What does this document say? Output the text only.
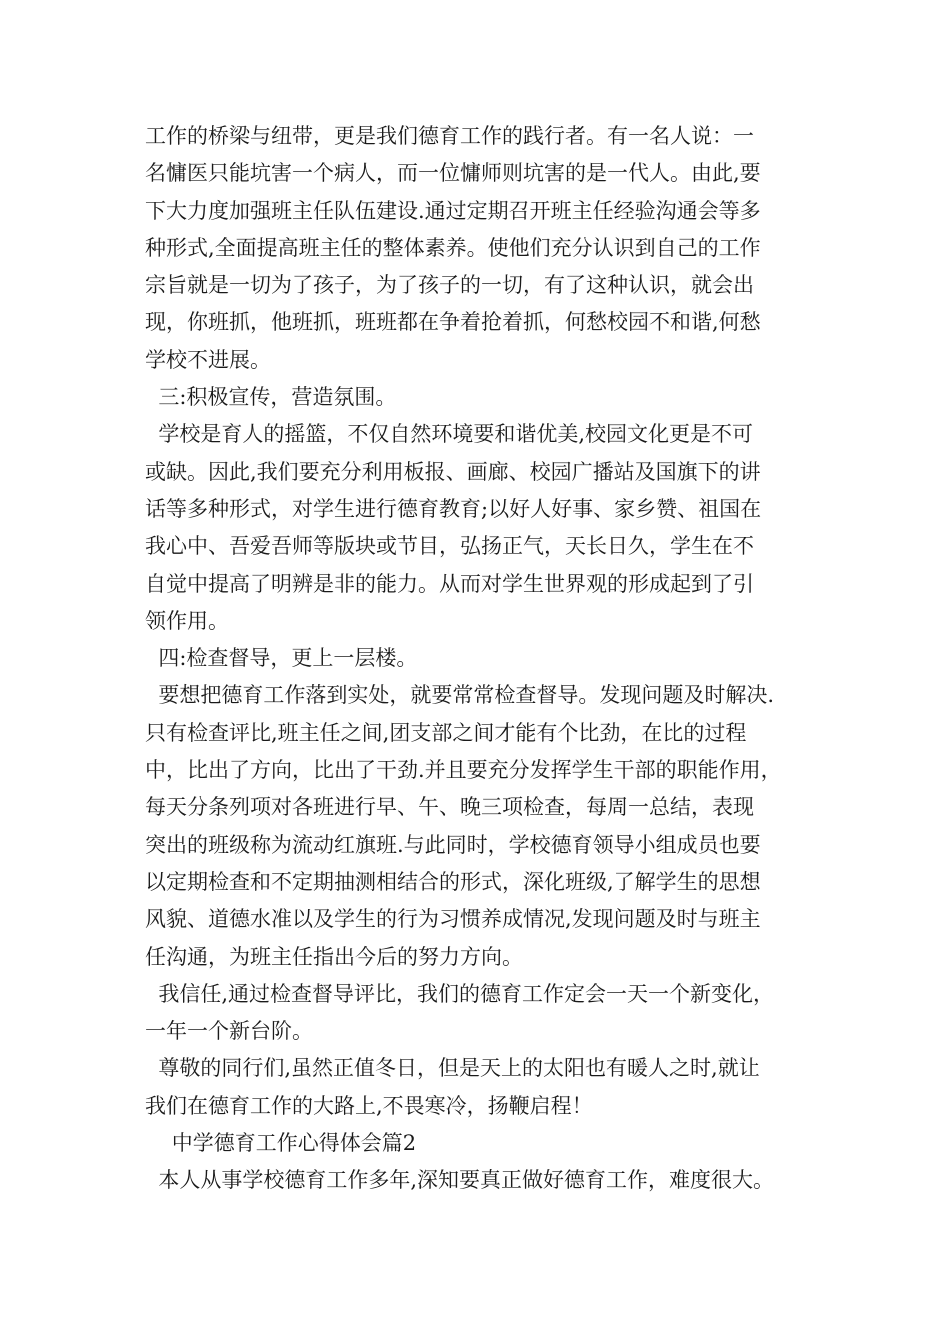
工作的桥梁与纽带，更是我们德育工作的践行者。有一名人说：一
名慵医只能坑害一个病人，而一位慵师则坑害的是一代人。由此,要
下大力度加强班主任队伍建设.通过定期召开班主任经验沟通会等多
种形式,全面提高班主任的整体素养。使他们充分认识到自己的工作
宗旨就是一切为了孩子，为了孩子的一切，有了这种认识，就会出
现，你班抓，他班抓，班班都在争着抢着抓，何愁校园不和谐,何愁
学校不进展。
三:积极宣传，营造氛围。
学校是育人的摇篮，不仅自然环境要和谐优美,校园文化更是不可
或缺。因此,我们要充分利用板报、画廊、校园广播站及国旗下的讲
话等多种形式，对学生进行德育教育;以好人好事、家乡赞、祖国在
我心中、吾爱吾师等版块或节目，弘扬正气，天长日久，学生在不
自觉中提高了明辨是非的能力。从而对学生世界观的形成起到了引
领作用。
四:检查督导，更上一层楼。
要想把德育工作落到实处，就要常常检查督导。发现问题及时解决.
只有检查评比,班主任之间,团支部之间才能有个比劲，在比的过程
中，比出了方向，比出了干劲.并且要充分发挥学生干部的职能作用，
每天分条列项对各班进行早、午、晚三项检查，每周一总结，表现
突出的班级称为流动红旗班.与此同时，学校德育领导小组成员也要
以定期检查和不定期抽测相结合的形式，深化班级,了解学生的思想
风貌、道德水准以及学生的行为习惯养成情况,发现问题及时与班主
任沟通，为班主任指出今后的努力方向。
我信任,通过检查督导评比，我们的德育工作定会一天一个新变化，
一年一个新台阶。
尊敬的同行们,虽然正值冬日，但是天上的太阳也有暖人之时,就让
我们在德育工作的大路上,不畏寒冷，扬鞭启程！
中学德育工作心得体会篇2
本人从事学校德育工作多年,深知要真正做好德育工作，难度很大。
